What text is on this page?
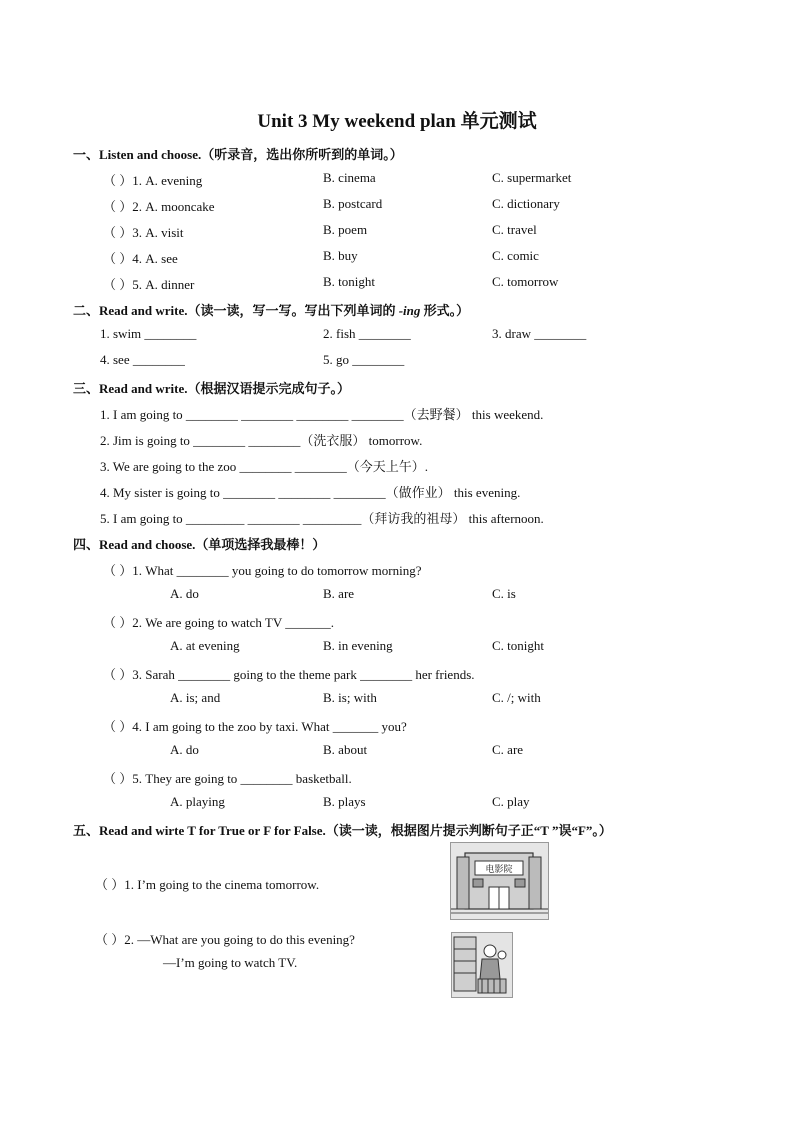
Unit 3 My weekend plan 单元测试
一、Listen and choose.（听录音，选出你所听到的单词。）
（ ）1. A. evening	B. cinema	C. supermarket
（ ）2. A. mooncake	B. postcard	C. dictionary
（ ）3. A. visit	B. poem	C. travel
（ ）4. A. see	B. buy	C. comic
（ ）5. A. dinner	B. tonight	C. tomorrow
二、Read and write.（读一读，写一写。写出下列单词的 -ing 形式。）
1. swim ________	2. fish ________	3. draw ________
4. see ________	5. go ________
三、Read and write.（根据汉语提示完成句子。）
1. I am going to ________ ________ ________ ________（去野餐） this weekend.
2. Jim is going to ________ ________（洗衣服） tomorrow.
3. We are going to the zoo ________ ________（今天上午）.
4. My sister is going to ________ ________ ________（做作业） this evening.
5. I am going to _________ ________ _________（拜访我的祖母） this afternoon.
四、Read and choose.（单项选择我最棒！）
（ ）1. What ________ you going to do tomorrow morning?
A. do	B. are	C. is
（ ）2. We are going to watch TV _______.
A. at evening	B. in evening	C. tonight
（ ）3. Sarah ________ going to the theme park ________ her friends.
A. is; and	B. is; with	C. /; with
（ ）4. I am going to the zoo by taxi. What _______ you?
A. do	B. about	C. are
（ ）5. They are going to ________ basketball.
A. playing	B. plays	C. play
五、Read and wirte T for True or F for False.（读一读，根据图片提示判断句子正“T ”误“F”。）
（ ）1. I’m going to the cinema tomorrow.
（ ）2. —What are you going to do this evening?
—I’m going to watch TV.
电影院
